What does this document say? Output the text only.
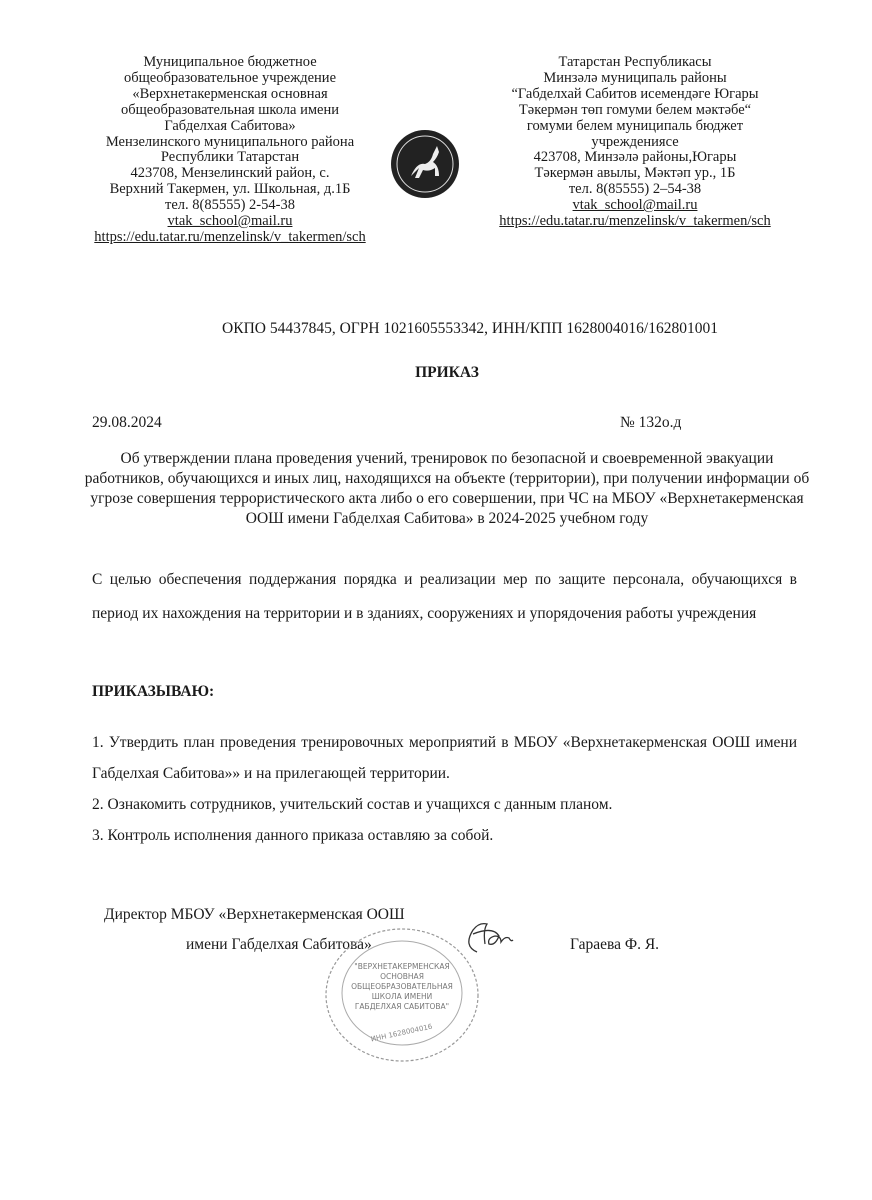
Муниципальное бюджетное
общеобразовательное учреждение
«Верхнетакерменская основная
общеобразовательная школа имени
Габделхая Сабитова»
Мензелинского муниципального района
Республики Татарстан
423708, Мензелинский район, с.
Верхний Такермен, ул. Школьная, д.1Б
тел. 8(85555) 2-54-38
vtak_school@mail.ru
https://edu.tatar.ru/menzelinsk/v_takermen/sch
Татарстан Республикасы
Минзәлә муниципаль районы
“Габделхай Сабитов исемендәге Югары
Тәкермән төп гомуми белем мәктәбе“
гомуми белем муниципаль бюджет
учреждениясе
423708, Минзәлә районы,Югары
Тәкермән авылы, Мәктәп ур., 1Б
тел. 8(85555) 2–54-38
vtak_school@mail.ru
https://edu.tatar.ru/menzelinsk/v_takermen/sch
ОКПО 54437845, ОГРН 1021605553342, ИНН/КПП 1628004016/162801001
ПРИКАЗ
29.08.2024	№ 132о.д
Об утверждении плана проведения учений, тренировок по безопасной и своевременной эвакуации работников, обучающихся и иных лиц, находящихся на объекте (территории), при получении информации об угрозе совершения террористического акта либо о его совершении, при ЧС на МБОУ «Верхнетакерменская ООШ имени Габделхая Сабитова» в 2024-2025 учебном году
С целью обеспечения поддержания порядка и реализации мер по защите персонала, обучающихся в период их нахождения на территории и в зданиях, сооружениях и упорядочения работы учреждения
ПРИКАЗЫВАЮ:
1. Утвердить план проведения тренировочных мероприятий в МБОУ «Верхнетакерменская ООШ имени Габделхая Сабитова»» и на прилегающей территории.
2. Ознакомить сотрудников, учительский состав и учащихся с данным планом.
3. Контроль исполнения данного приказа оставляю за собой.
Директор МБОУ «Верхнетакерменская ООШ
имени Габделхая Сабитова»
"ВЕРХНЕТАКЕРМЕНСКАЯ
ОСНОВНАЯ
ОБЩЕОБРАЗОВАТЕЛЬНАЯ
ШКОЛА ИМЕНИ
ГАБДЕЛХАЯ САБИТОВА"
ИНН 1628004016
Гараева Ф. Я.
